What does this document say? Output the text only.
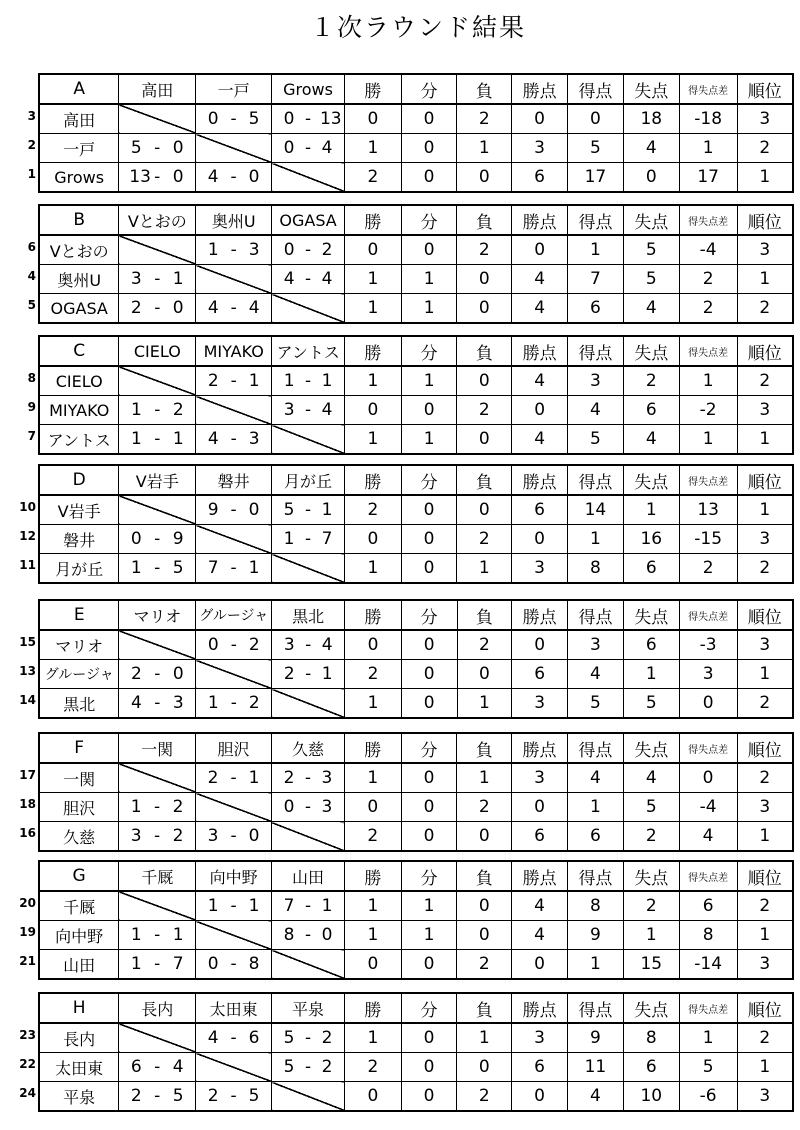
１次ラウンド結果
3
2
1
A	高田	一戸	Grows	勝	分	負	勝点	得点	失点	得失点差	順位
高田		0 - 5	0 - 13	0	0	2	0	0	18	-18	3
一戸	5 - 0		0 - 4	1	0	1	3	5	4	1	2
Grows	13 - 0	4 - 0		2	0	0	6	17	0	17	1
6
4
5
B	Vとおの	奥州U	OGASA	勝	分	負	勝点	得点	失点	得失点差	順位
Vとおの		1 - 3	0 - 2	0	0	2	0	1	5	-4	3
奥州U	3 - 1		4 - 4	1	1	0	4	7	5	2	1
OGASA	2 - 0	4 - 4		1	1	0	4	6	4	2	2
8
9
7
C	CIELO	MIYAKO	アントス	勝	分	負	勝点	得点	失点	得失点差	順位
CIELO		2 - 1	1 - 1	1	1	0	4	3	2	1	2
MIYAKO	1 - 2		3 - 4	0	0	2	0	4	6	-2	3
アントス	1 - 1	4 - 3		1	1	0	4	5	4	1	1
10
12
11
D	V岩手	磐井	月が丘	勝	分	負	勝点	得点	失点	得失点差	順位
V岩手		9 - 0	5 - 1	2	0	0	6	14	1	13	1
磐井	0 - 9		1 - 7	0	0	2	0	1	16	-15	3
月が丘	1 - 5	7 - 1		1	0	1	3	8	6	2	2
15
13
14
E	マリオ	グルージャ	黒北	勝	分	負	勝点	得点	失点	得失点差	順位
マリオ		0 - 2	3 - 4	0	0	2	0	3	6	-3	3
グルージャ	2 - 0		2 - 1	2	0	0	6	4	1	3	1
黒北	4 - 3	1 - 2		1	0	1	3	5	5	0	2
17
18
16
F	一関	胆沢	久慈	勝	分	負	勝点	得点	失点	得失点差	順位
一関		2 - 1	2 - 3	1	0	1	3	4	4	0	2
胆沢	1 - 2		0 - 3	0	0	2	0	1	5	-4	3
久慈	3 - 2	3 - 0		2	0	0	6	6	2	4	1
20
19
21
G	千厩	向中野	山田	勝	分	負	勝点	得点	失点	得失点差	順位
千厩		1 - 1	7 - 1	1	1	0	4	8	2	6	2
向中野	1 - 1		8 - 0	1	1	0	4	9	1	8	1
山田	1 - 7	0 - 8		0	0	2	0	1	15	-14	3
23
22
24
H	長内	太田東	平泉	勝	分	負	勝点	得点	失点	得失点差	順位
長内		4 - 6	5 - 2	1	0	1	3	9	8	1	2
太田東	6 - 4		5 - 2	2	0	0	6	11	6	5	1
平泉	2 - 5	2 - 5		0	0	2	0	4	10	-6	3
